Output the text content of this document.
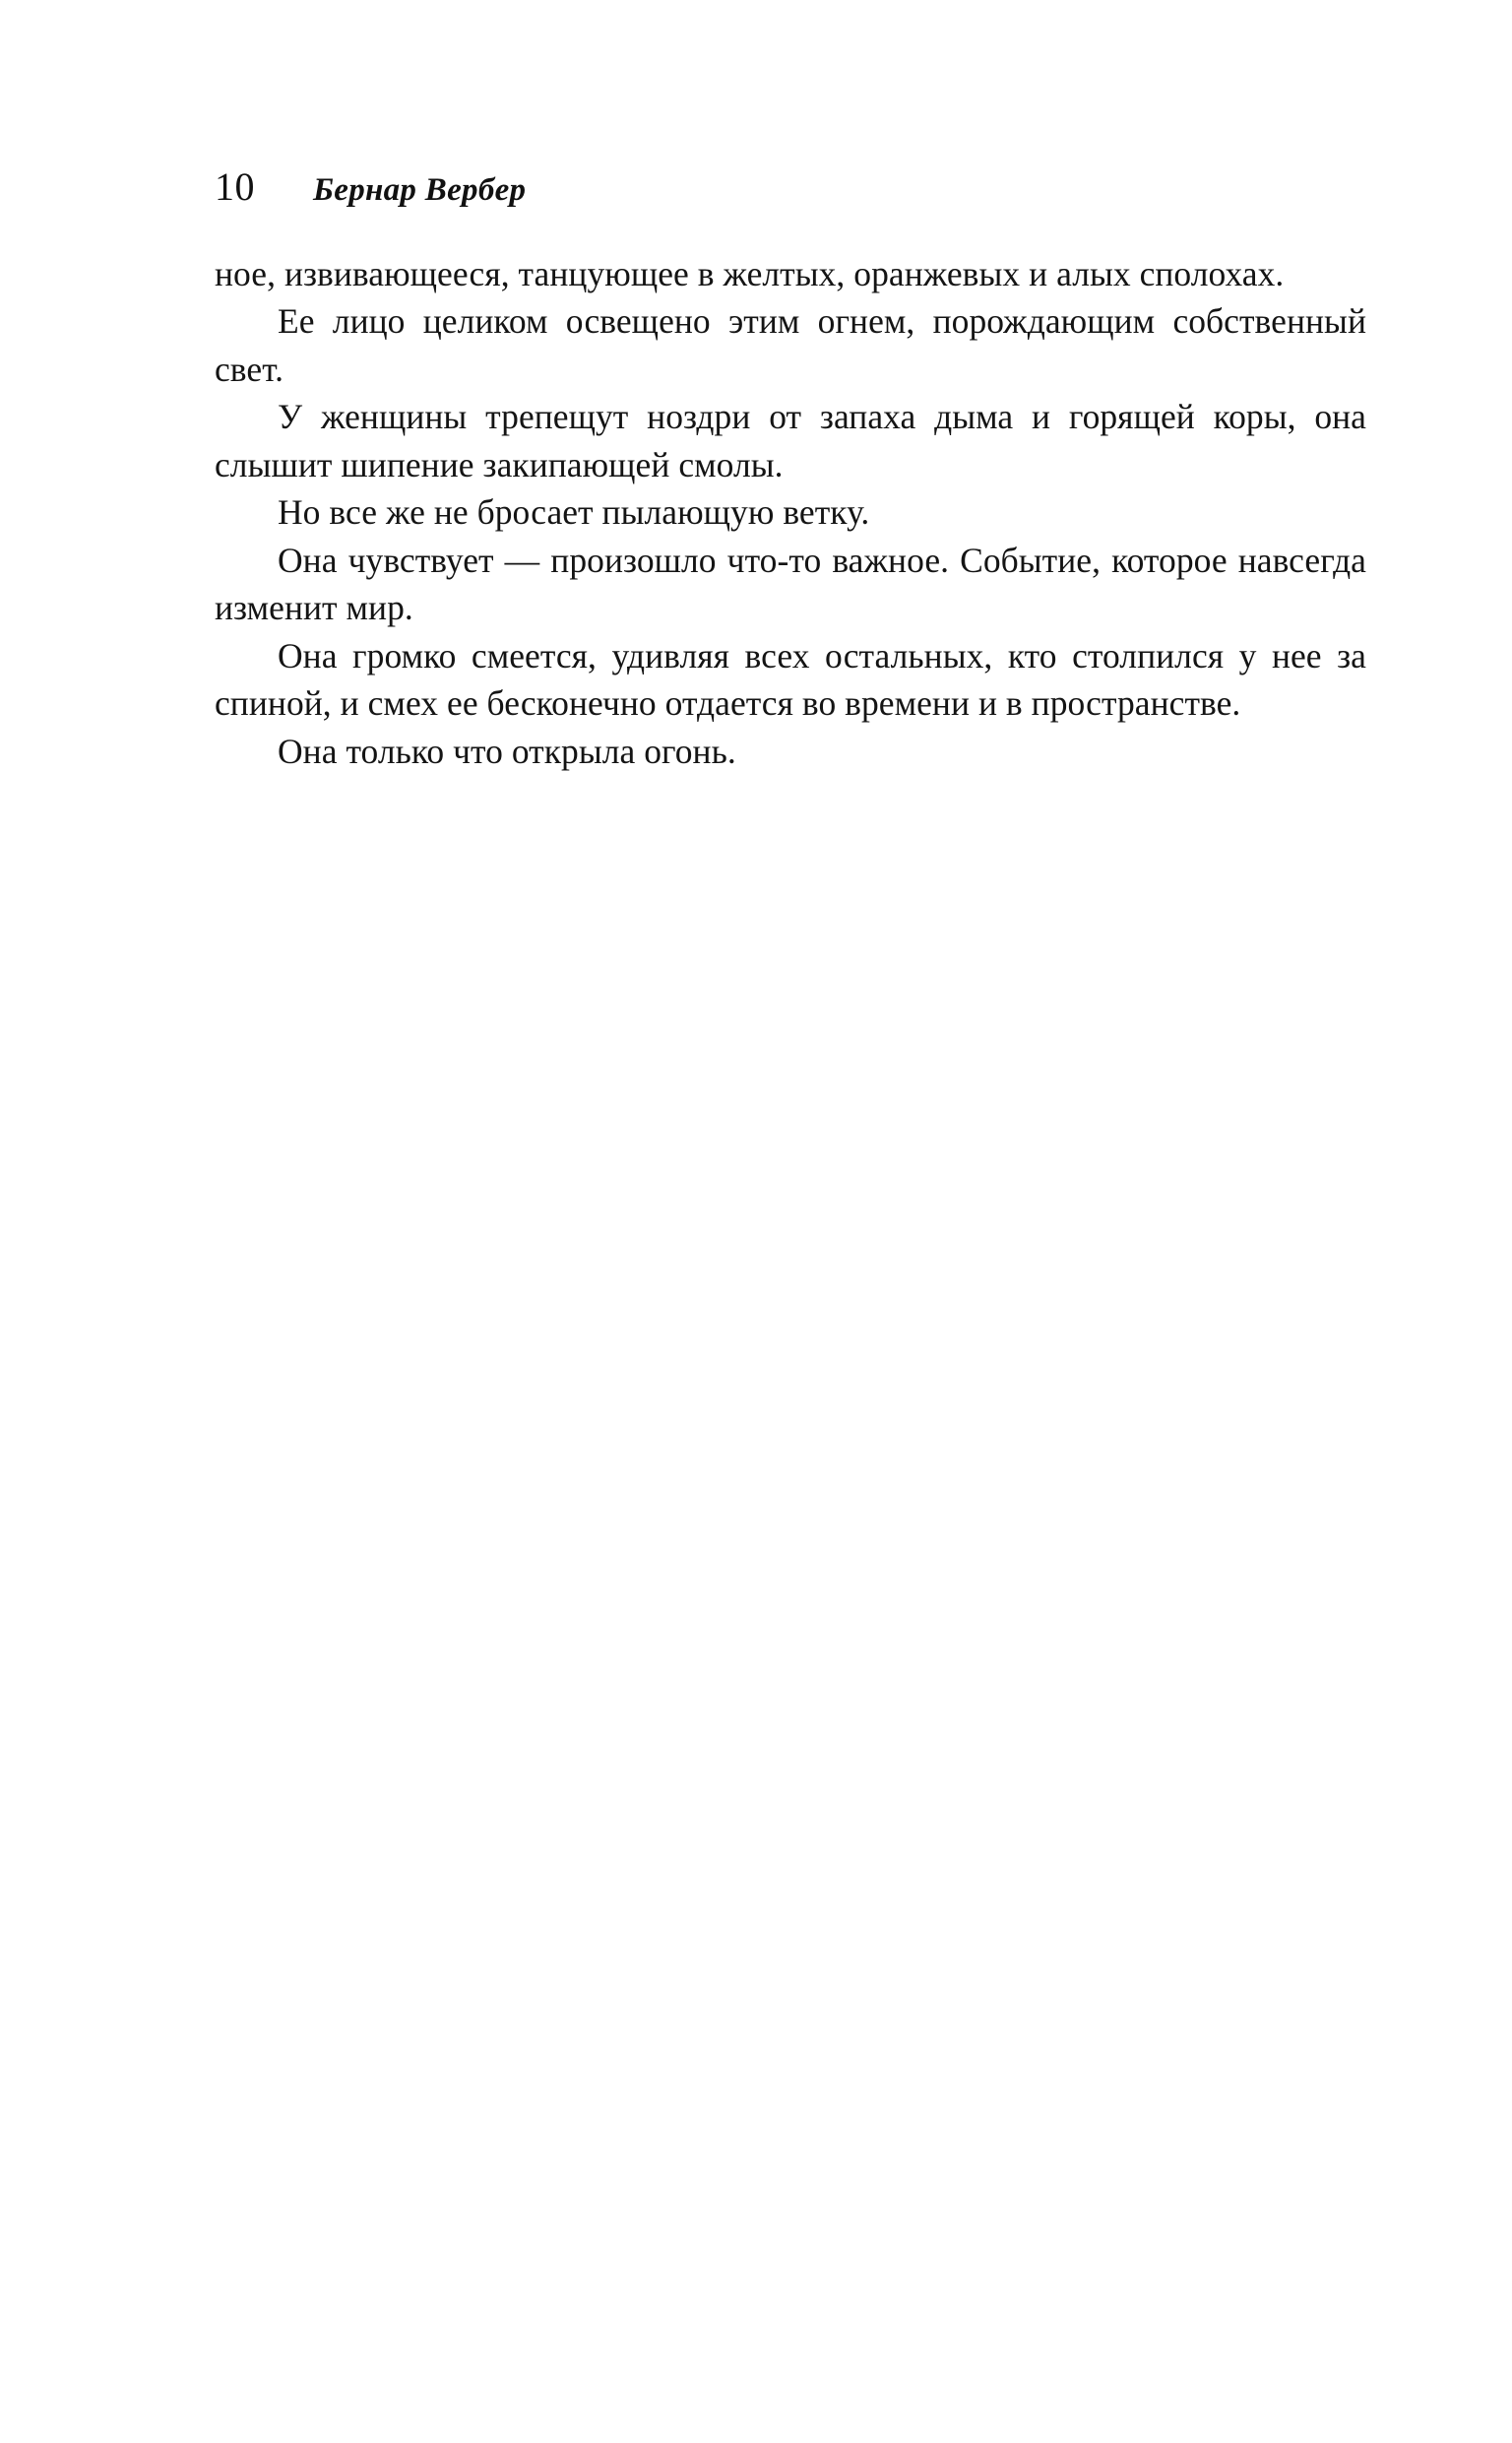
10	Бернар Вербер

ное, извивающееся, танцующее в желтых, оранжевых и алых сполохах.

Ее лицо целиком освещено этим огнем, порождающим собственный свет.

У женщины трепещут ноздри от запаха дыма и горящей коры, она слышит шипение закипающей смолы.

Но все же не бросает пылающую ветку.

Она чувствует — произошло что-то важное. Событие, которое навсегда изменит мир.

Она громко смеется, удивляя всех остальных, кто столпился у нее за спиной, и смех ее бесконечно отдается во времени и в пространстве.

Она только что открыла огонь.
